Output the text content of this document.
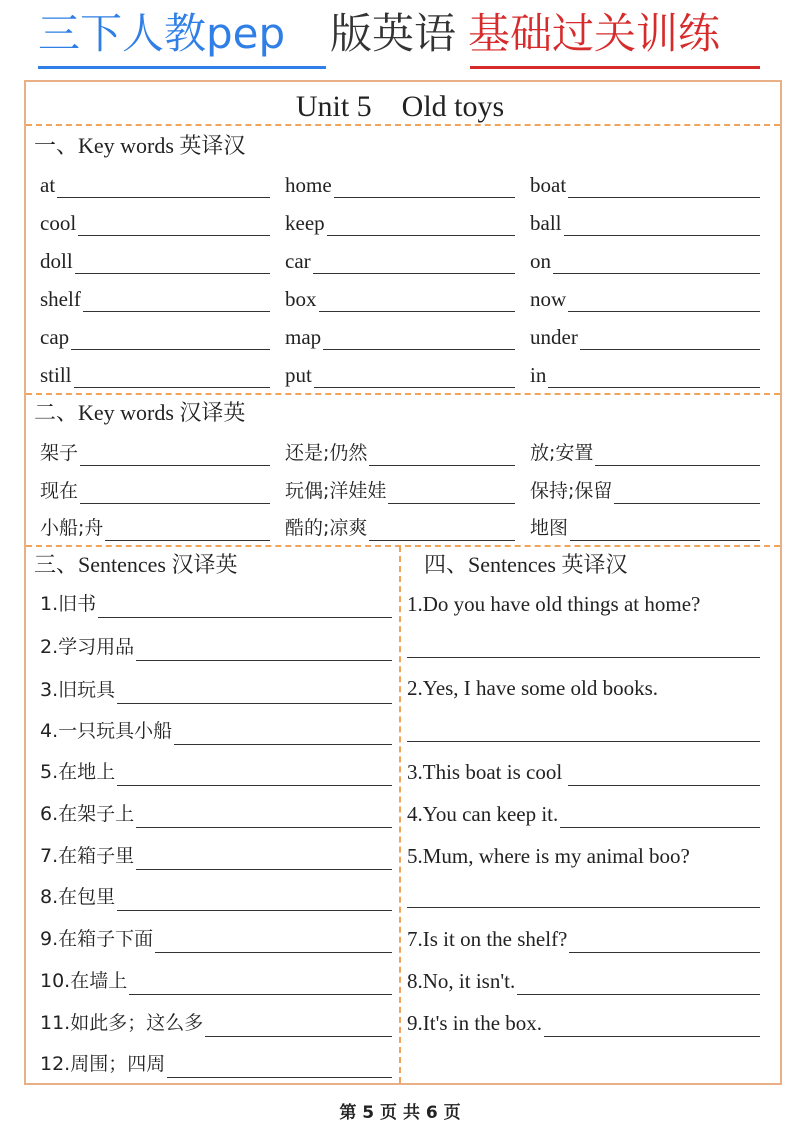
三下人教pep 版英语 基础过关训练
Unit 5    Old toys
一、Key words 英译汉
at	home	boat
cool	keep	ball
doll	car	on
shelf	box	now
cap	map	under
still	put	in
二、Key words 汉译英
架子	还是;仍然	放;安置
现在	玩偶;洋娃娃	保持;保留
小船;舟	酷的;凉爽	地图
三、Sentences 汉译英
1.旧书
2.学习用品
3.旧玩具
4.一只玩具小船
5.在地上
6.在架子上
7.在箱子里
8.在包里
9.在箱子下面
10.在墙上
11.如此多；这么多
12.周围；四周
四、Sentences 英译汉
1.Do you have old things at home?
2.Yes, I have some old books.
3.This boat is cool
4.You can keep it.
5.Mum, where is my animal boo?
7.Is it on the shelf?
8.No, it isn't.
9.It's in the box.
第 5 页 共 6 页
